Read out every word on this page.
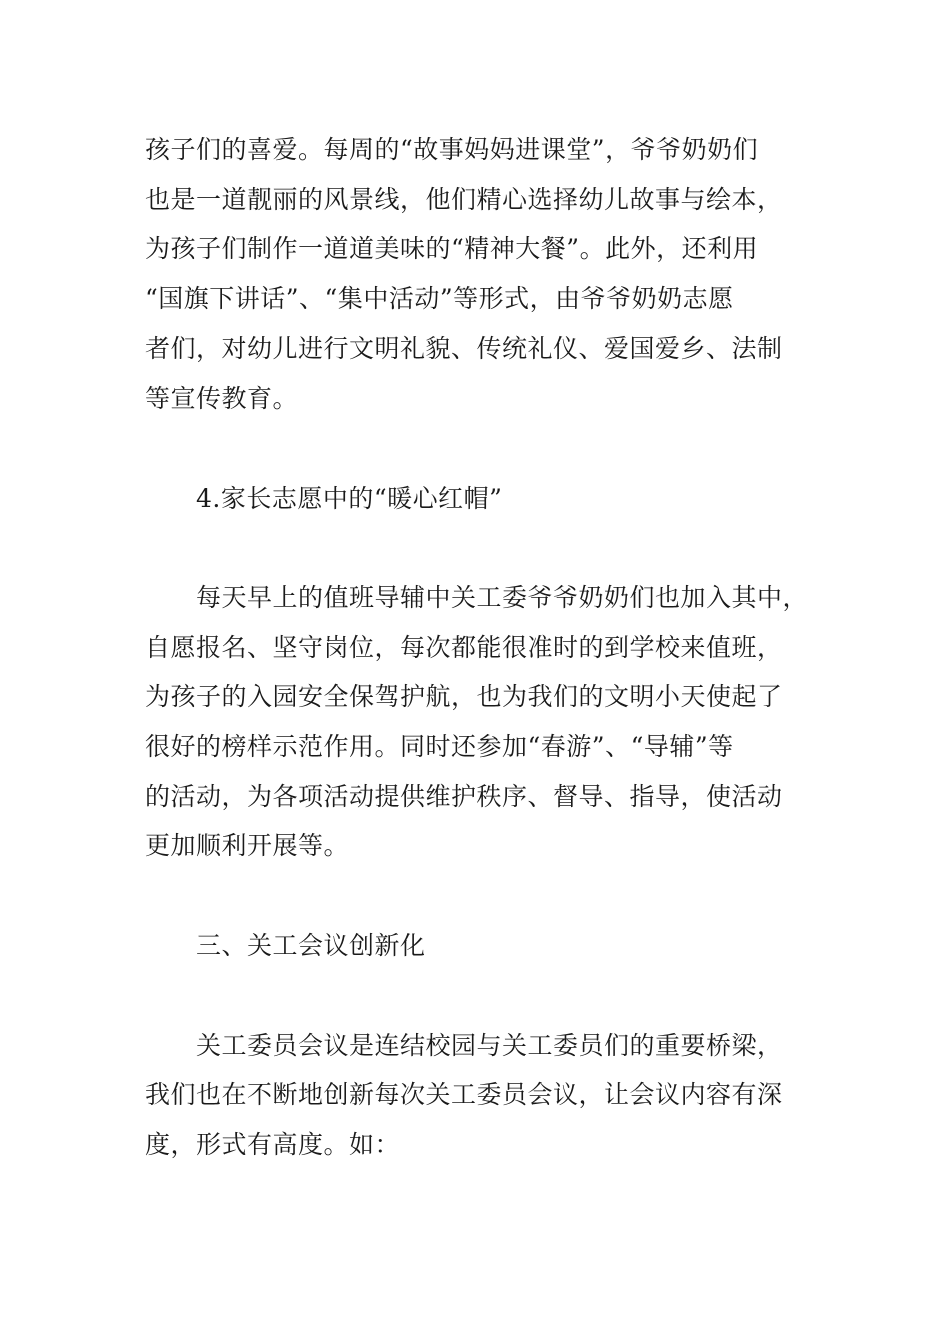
孩子们的喜爱。每周的“故事妈妈进课堂”，爷爷奶奶们
也是一道靓丽的风景线，他们精心选择幼儿故事与绘本，
为孩子们制作一道道美味的“精神大餐”。此外，还利用
“国旗下讲话”、“集中活动”等形式，由爷爷奶奶志愿
者们，对幼儿进行文明礼貌、传统礼仪、爱国爱乡、法制
等宣传教育。
4.家长志愿中的“暖心红帽”
每天早上的值班导辅中关工委爷爷奶奶们也加入其中，
自愿报名、坚守岗位，每次都能很准时的到学校来值班，
为孩子的入园安全保驾护航，也为我们的文明小天使起了
很好的榜样示范作用。同时还参加“春游”、“导辅”等
的活动，为各项活动提供维护秩序、督导、指导，使活动
更加顺利开展等。
三、关工会议创新化
关工委员会议是连结校园与关工委员们的重要桥梁，
我们也在不断地创新每次关工委员会议，让会议内容有深
度，形式有高度。如：
